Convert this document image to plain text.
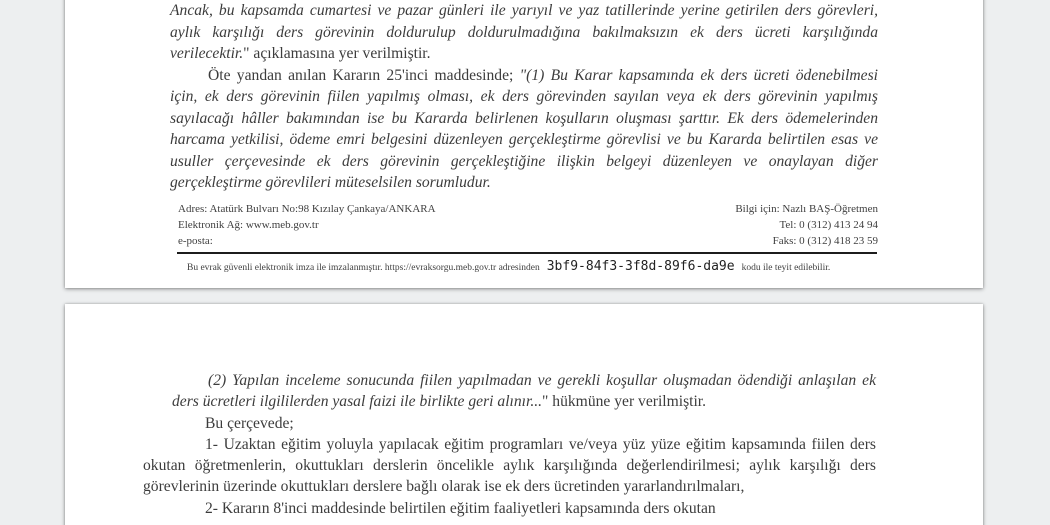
Ancak, bu kapsamda cumartesi ve pazar günleri ile yarıyıl ve yaz tatillerinde yerine getirilen ders görevleri, aylık karşılığı ders görevinin doldurulup doldurulmadığına bakılmaksızın ek ders ücreti karşılığında verilecektir." açıklamasına yer verilmiştir.

Öte yandan anılan Kararın 25'inci maddesinde; "(1) Bu Karar kapsamında ek ders ücreti ödenebilmesi için, ek ders görevinin fiilen yapılmış olması, ek ders görevinden sayılan veya ek ders görevinin yapılmış sayılacağı hâller bakımından ise bu Kararda belirlenen koşulların oluşması şarttır. Ek ders ödemelerinden harcama yetkilisi, ödeme emri belgesini düzenleyen gerçekleştirme görevlisi ve bu Kararda belirtilen esas ve usuller çerçevesinde ek ders görevinin gerçekleştiğine ilişkin belgeyi düzenleyen ve onaylayan diğer gerçekleştirme görevlileri müteselsilen sorumludur.

Adres: Atatürk Bulvarı No:98 Kızılay Çankaya/ANKARA
Elektronik Ağ: www.meb.gov.tr
e-posta:
Bilgi için: Nazlı BAŞ-Öğretmen
Tel: 0 (312) 413 24 94
Faks: 0 (312) 418 23 59
Bu evrak güvenli elektronik imza ile imzalanmıştır. https://evraksorgu.meb.gov.tr adresinden 3bf9-84f3-3f8d-89f6-da9e kodu ile teyit edilebilir.

(2) Yapılan inceleme sonucunda fiilen yapılmadan ve gerekli koşullar oluşmadan ödendiği anlaşılan ek ders ücretleri ilgililerden yasal faizi ile birlikte geri alınır..." hükmüne yer verilmiştir.

Bu çerçevede;

1- Uzaktan eğitim yoluyla yapılacak eğitim programları ve/veya yüz yüze eğitim kapsamında fiilen ders okutan öğretmenlerin, okuttukları derslerin öncelikle aylık karşılığında değerlendirilmesi; aylık karşılığı ders görevlerinin üzerinde okuttukları derslere bağlı olarak ise ek ders ücretinden yararlandırılmaları,

2- Kararın 8'inci maddesinde belirtilen eğitim faaliyetleri kapsamında ders okutan
